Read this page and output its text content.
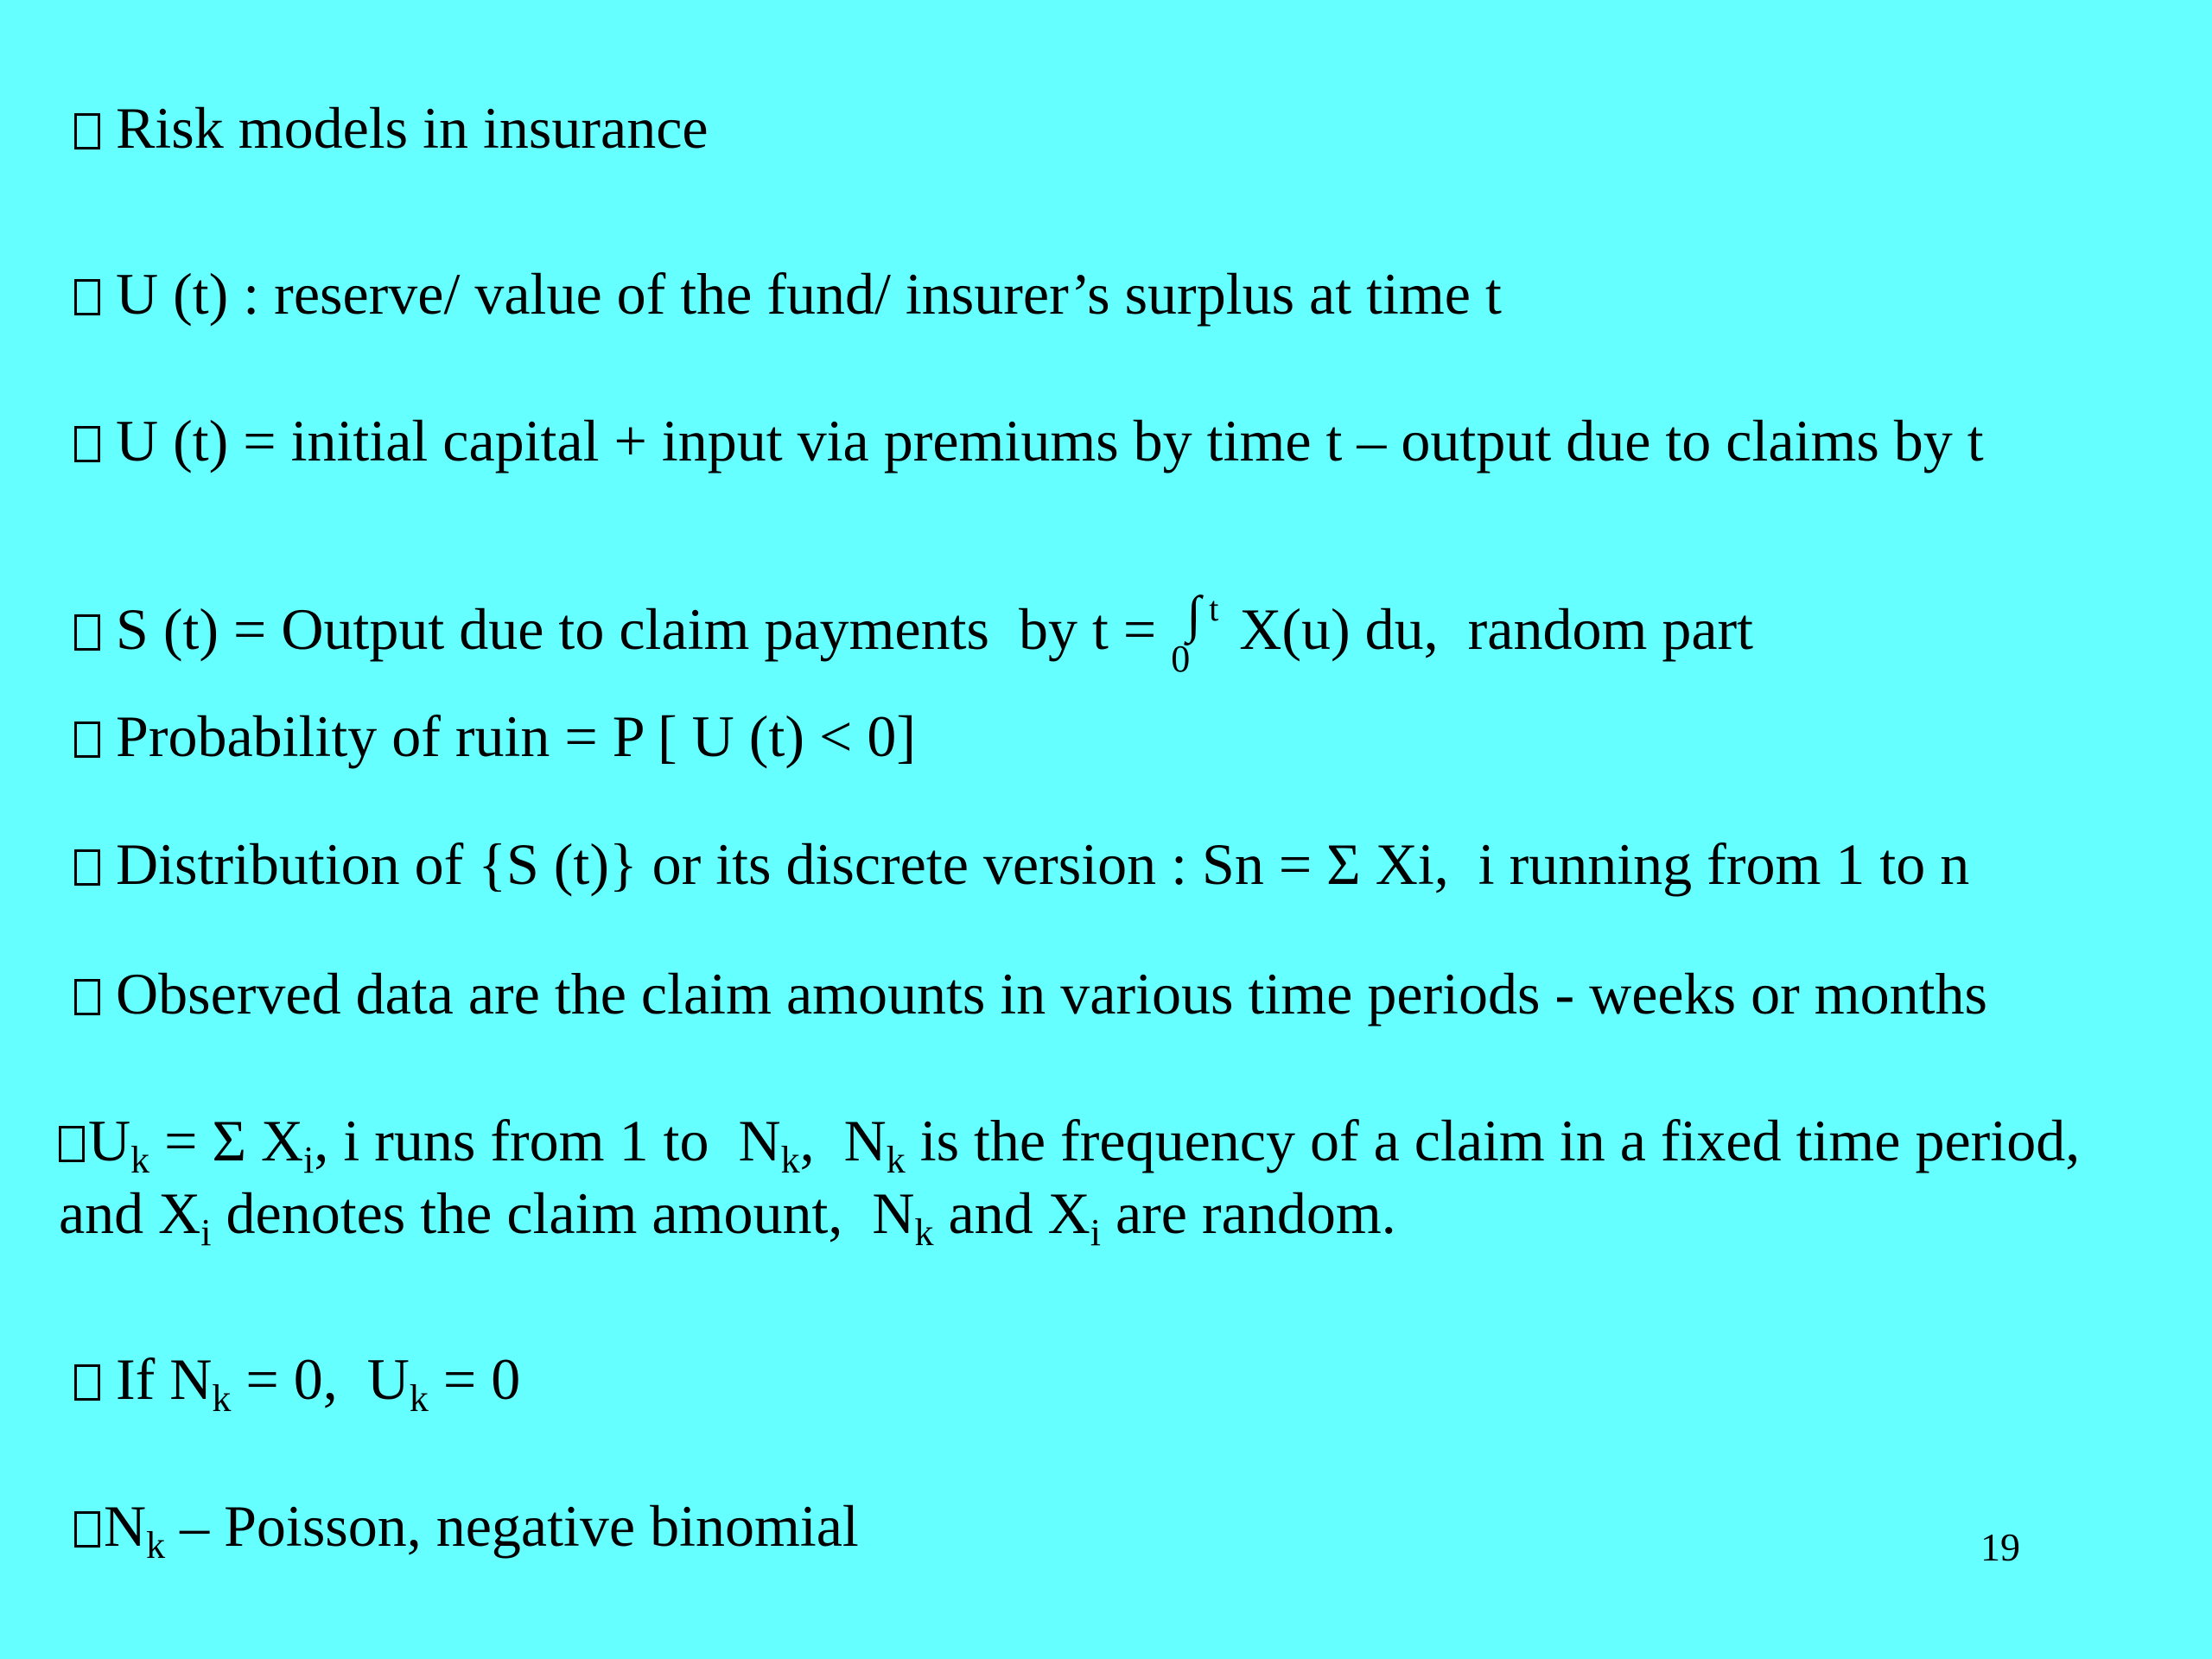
Risk models in insurance
U (t) : reserve/ value of the fund/ insurer’s surplus at time t
U (t) = initial capital + input via premiums by time t – output due to claims by t
S (t) = Output due to claim payments  by t = 0
∫ t X(u) du,  random part
Probability of ruin = P [ U (t) < 0]
Distribution of {S (t)} or its discrete version : Sn = Σ Xi,  i running from 1 to n
Observed data are the claim amounts in various time periods - weeks or months
$U_k = \Sigma$ $X_i$, i runs from 1 to  $N_k$,  $N_k$ is the frequency of a claim in a fixed time period,
and $X_i$ denotes the claim amount,  $N_k$ and $X_i$ are random.
If $N_k = 0$,  $U_k = 0$
$N_k$ – Poisson, negative binomial	19
